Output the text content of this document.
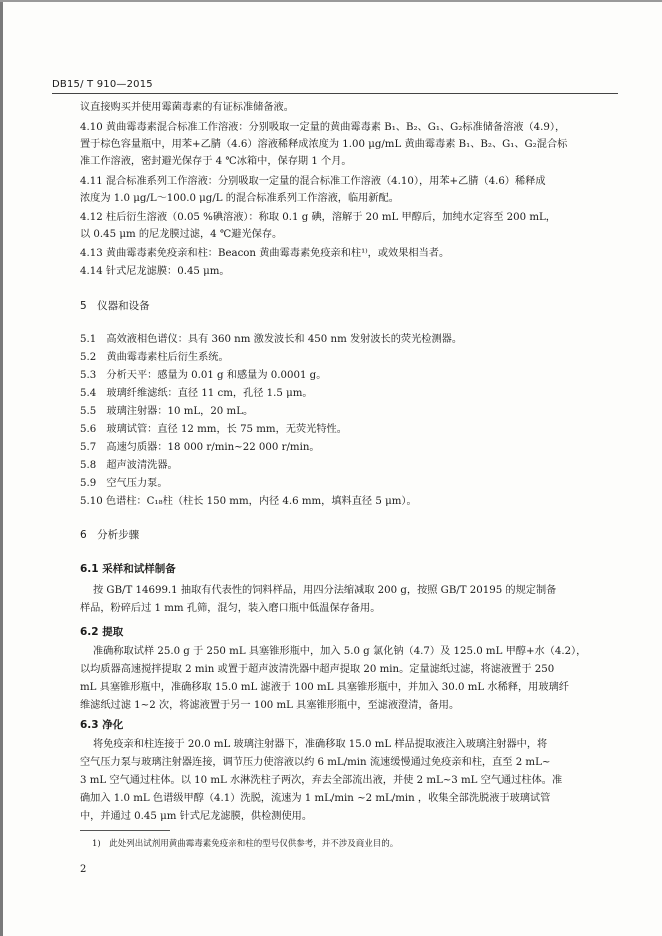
DB15/ T 910—2015
议直接购买并使用霉菌毒素的有证标准储备液。
4.10 黄曲霉毒素混合标准工作溶液：分别吸取一定量的黄曲霉毒素 B₁、B₂、G₁、G₂标准储备溶液（4.9），
置于棕色容量瓶中，用苯+乙腈（4.6）溶液稀释成浓度为 1.00 μg/mL 黄曲霉毒素 B₁、B₂、G₁、G₂混合标
准工作溶液，密封避光保存于 4 ℃冰箱中，保存期 1 个月。
4.11 混合标准系列工作溶液：分别吸取一定量的混合标准工作溶液（4.10），用苯+乙腈（4.6）稀释成
浓度为 1.0 μg/L～100.0 μg/L 的混合标准系列工作溶液，临用新配。
4.12 柱后衍生溶液（0.05 %碘溶液）：称取 0.1 g 碘，溶解于 20 mL 甲醇后，加纯水定容至 200 mL，
以 0.45 μm 的尼龙膜过滤，4 ℃避光保存。
4.13 黄曲霉毒素免疫亲和柱：Beacon 黄曲霉毒素免疫亲和柱¹⁾，或效果相当者。
4.14 针式尼龙滤膜：0.45 μm。
5　仪器和设备
5.1　高效液相色谱仪：具有 360 nm 激发波长和 450 nm 发射波长的荧光检测器。
5.2　黄曲霉毒素柱后衍生系统。
5.3　分析天平：感量为 0.01 g 和感量为 0.0001 g。
5.4　玻璃纤维滤纸：直径 11 cm，孔径 1.5 μm。
5.5　玻璃注射器：10 mL，20 mL。
5.6　玻璃试管：直径 12 mm，长 75 mm，无荧光特性。
5.7　高速匀质器：18 000 r/min~22 000 r/min。
5.8　超声波清洗器。
5.9　空气压力泵。
5.10 色谱柱：C₁₈柱（柱长 150 mm，内径 4.6 mm，填料直径 5 μm）。
6　分析步骤
6.1 采样和试样制备
按 GB/T 14699.1 抽取有代表性的饲料样品，用四分法缩减取 200 g，按照 GB/T 20195 的规定制备
样品，粉碎后过 1 mm 孔筛，混匀，装入磨口瓶中低温保存备用。
6.2 提取
准确称取试样 25.0 g 于 250 mL 具塞锥形瓶中，加入 5.0 g 氯化钠（4.7）及 125.0 mL 甲醇+水（4.2），
以均质器高速搅拌提取 2 min 或置于超声波清洗器中超声提取 20 min。定量滤纸过滤，将滤液置于 250
mL 具塞锥形瓶中，准确移取 15.0 mL 滤液于 100 mL 具塞锥形瓶中，并加入 30.0 mL 水稀释，用玻璃纤
维滤纸过滤 1~2 次，将滤液置于另一 100 mL 具塞锥形瓶中，至滤液澄清，备用。
6.3 净化
将免疫亲和柱连接于 20.0 mL 玻璃注射器下，准确移取 15.0 mL 样品提取液注入玻璃注射器中，将
空气压力泵与玻璃注射器连接，调节压力使溶液以约 6 mL/min 流速缓慢通过免疫亲和柱，直至 2 mL~
3 mL 空气通过柱体。以 10 mL 水淋洗柱子两次，弃去全部流出液，并使 2 mL~3 mL 空气通过柱体。准
确加入 1.0 mL 色谱级甲醇（4.1）洗脱，流速为 1 mL/min ~2 mL/min ，收集全部洗脱液于玻璃试管
中，并通过 0.45 μm 针式尼龙滤膜，供检测使用。
1)　此处列出试剂用黄曲霉毒素免疫亲和柱的型号仅供参考，并不涉及商业目的。
2
